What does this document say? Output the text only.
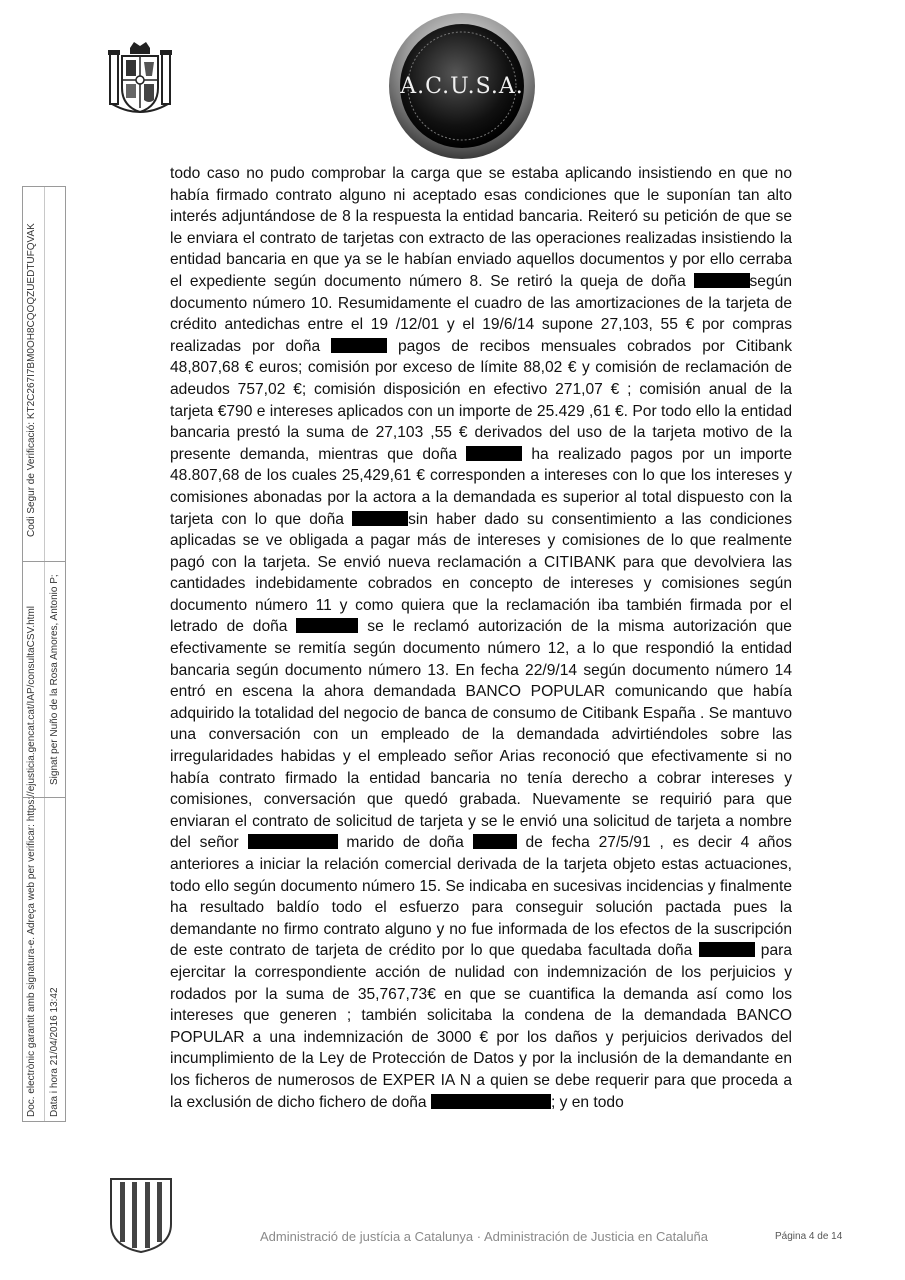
Doc. electrònic garantit amb signatura-e. Adreça web per verificar: https://ejusticia.gencat.cat/IAP/consultaCSV.html
Codi Segur de Verificació: KT2C267I7BM0OH8CQOQZUEDTUFQVAK
Data i hora 21/04/2016 13:42
Signat per Nuño de la Rosa Amores, Antonio P;
A.C.U.S.A.

todo caso no pudo comprobar la carga que se estaba aplicando insistiendo en que no había firmado contrato alguno ni aceptado esas condiciones que le suponían tan alto interés adjuntándose de 8 la respuesta la entidad bancaria. Reiteró su petición de que se le enviara el contrato de tarjetas con extracto de las operaciones realizadas insistiendo la entidad bancaria en que ya se le habían enviado aquellos documentos y por ello cerraba el expediente según documento número 8. Se retiró la queja de doña	según documento número 10. Resumidamente el cuadro de las amortizaciones de la tarjeta de crédito antedichas entre el 19 /12/01 y el 19/6/14 supone 27,103, 55 € por compras realizadas por doña	pagos de recibos mensuales cobrados por Citibank 48,807,68 € euros; comisión por exceso de límite 88,02 € y comisión de reclamación de adeudos 757,02 €; comisión disposición en efectivo 271,07 € ; comisión anual de la tarjeta €790 e intereses aplicados con un importe de 25.429 ,61 €. Por todo ello la entidad bancaria prestó la suma de 27,103 ,55 € derivados del uso de la tarjeta motivo de la presente demanda, mientras que doña	ha realizado pagos por un importe 48.807,68 de los cuales 25,429,61 € corresponden a intereses con lo que los intereses y comisiones abonadas por la actora a la demandada es superior al total dispuesto con la tarjeta con lo que doña	sin haber dado su consentimiento a las condiciones aplicadas se ve obligada a pagar más de intereses y comisiones de lo que realmente pagó con la tarjeta. Se envió nueva reclamación a CITIBANK para que devolviera las cantidades indebidamente cobrados en concepto de intereses y comisiones según documento número 11 y como quiera que la reclamación iba también firmada por el letrado de doña	se le reclamó autorización de la misma autorización que efectivamente se remitía según documento número 12, a lo que respondió la entidad bancaria según documento número 13. En fecha 22/9/14 según documento número 14 entró en escena la ahora demandada BANCO POPULAR comunicando que había adquirido la totalidad del negocio de banca de consumo de Citibank España . Se mantuvo una conversación con un empleado de la demandada advirtiéndoles sobre las irregularidades habidas y el empleado señor Arias reconoció que efectivamente si no había contrato firmado la entidad bancaria no tenía derecho a cobrar intereses y comisiones, conversación que quedó grabada. Nuevamente se requirió para que enviaran el contrato de solicitud de tarjeta y se le envió una solicitud de tarjeta a nombre del señor	marido de doña	de fecha 27/5/91 , es decir 4 años anteriores a iniciar la relación comercial derivada de la tarjeta objeto estas actuaciones, todo ello según documento número 15. Se indicaba en sucesivas incidencias y finalmente ha resultado baldío todo el esfuerzo para conseguir solución pactada pues la demandante no firmo contrato alguno y no fue informada de los efectos de la suscripción de este contrato de tarjeta de crédito por lo que quedaba facultada doña	para ejercitar la correspondiente acción de nulidad con indemnización de los perjuicios y rodados por la suma de 35,767,73€ en que se cuantifica la demanda así como los intereses que generen ; también solicitaba la condena de la demandada BANCO POPULAR a una indemnización de 3000 € por los daños y perjuicios derivados del incumplimiento de la Ley de Protección de Datos y por la inclusión de la demandante en los ficheros de numerosos de EXPER IA N a quien se debe requerir para que proceda a la exclusión de dicho fichero de doña	; y en todo

Administració de justícia a Catalunya · Administración de Justicia en Cataluña	Página 4 de 14
